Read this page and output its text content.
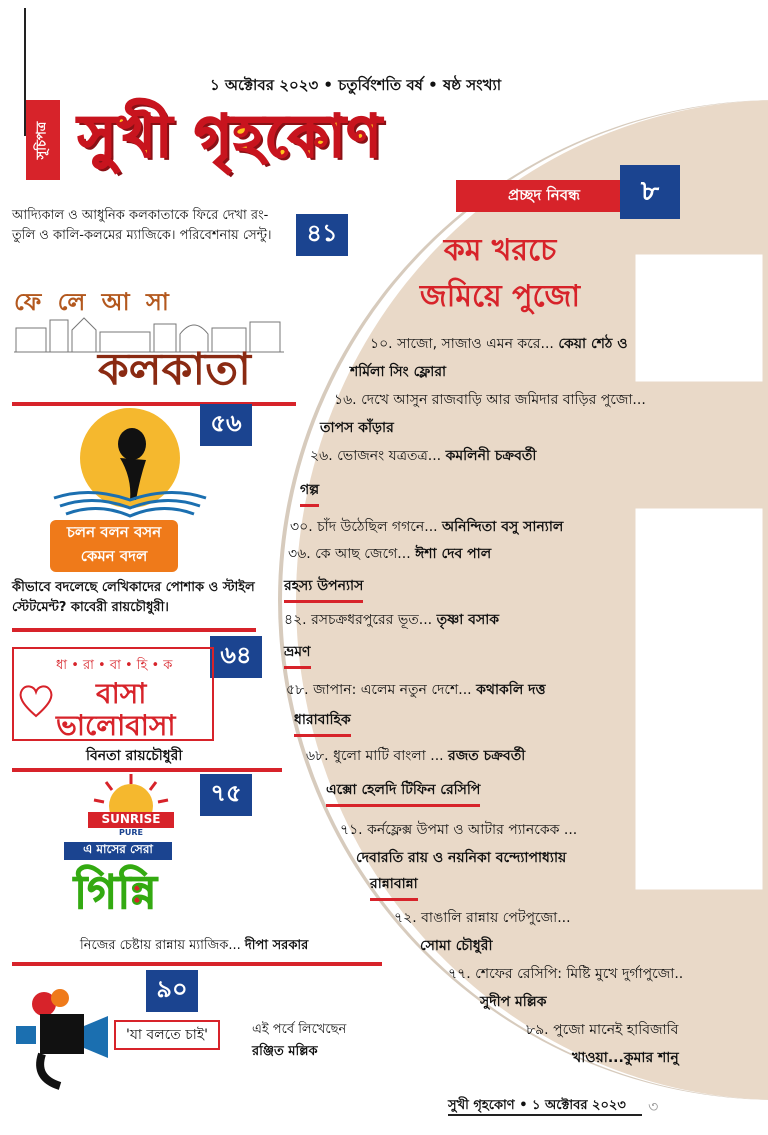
১ অক্টোবর ২০২৩ • চতুর্বিংশতি বর্ষ • ষষ্ঠ সংখ্যা
সূচিপত্র সুখী গৃহকোণ
প্রচ্ছদ নিবন্ধ	৮
কম খরচে
জমিয়ে পুজো
১০. সাজো, সাজাও এমন করে... কেয়া শেঠ ও
শর্মিলা সিং ফ্লোরা
১৬. দেখে আসুন রাজবাড়ি আর জমিদার বাড়ির পুজো...
তাপস কাঁড়ার
২৬. ভোজনং যত্রতত্র... কমলিনী চক্রবর্তী
গল্প
৩০. চাঁদ উঠেছিল গগনে... অনিন্দিতা বসু সান্যাল
৩৬. কে আছ জেগে... ঈশা দেব পাল
রহস্য উপন্যাস
৪২. রসচক্রধরপুরের ভূত... তৃষ্ণা বসাক
ভ্রমণ
৫৮. জাপান: এলেম নতুন দেশে... কথাকলি দত্ত
ধারাবাহিক
৬৮. ধুলো মাটি বাংলা ... রজত চক্রবর্তী
এক্সো হেলদি টিফিন রেসিপি
৭১. কর্নফ্লেক্স উপমা ও আটার প্যানকেক ...
দেবারতি রায় ও নয়নিকা বন্দ্যোপাধ্যায়
রান্নাবান্না
৭২. বাঙালি রান্নায় পেটপুজো...
সোমা চৌধুরী
৭৭. শেফের রেসিপি: মিষ্টি মুখে দুর্গাপুজো..
সুদীপ মল্লিক
৮৯. পুজো মানেই হাবিজাবি
খাওয়া...কুমার শানু
আদ্যিকাল ও আধুনিক কলকাতাকে ফিরে দেখা রং-তুলি ও কালি-কলমের ম্যাজিকে। পরিবেশনায় সেন্টু।	৪১
ফে লে আ সা
কলকাতা
৫৬
চলন বলন বসন
কেমন বদল
কীভাবে বদলেছে লেখিকাদের পোশাক ও স্টাইল স্টেটমেন্ট? কাবেরী রায়চৌধুরী।
৬৪
ধা • রা • বা • হি • ক
বাসা
ভালোবাসা
বিনতা রায়চৌধুরী
৭৫
SUNRISE
PURE
এ মাসের সেরা
গিন্নি
নিজের চেষ্টায় রান্নায় ম্যাজিক... দীপা সরকার
৯০
'যা বলতে চাই'	এই পর্বে লিখেছেন
রঞ্জিত মল্লিক
সুখী গৃহকোণ • ১ অক্টোবর ২০২৩ ৩
